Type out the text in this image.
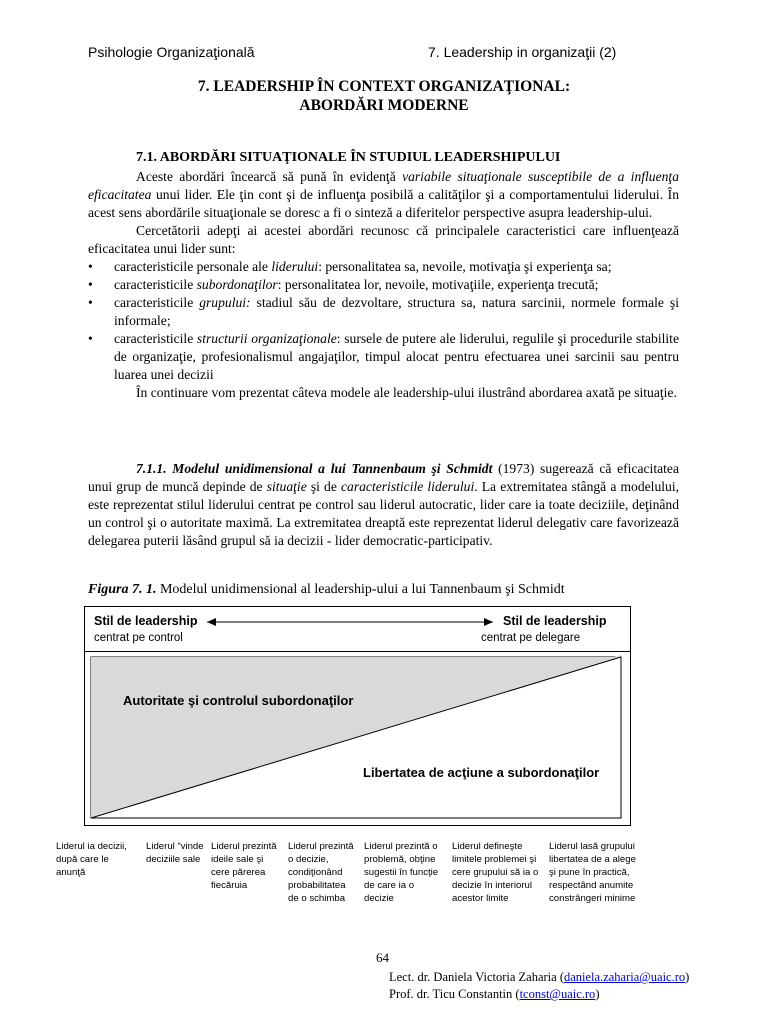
Psihologie Organizaţională	7. Leadership in organizaţii (2)
7. LEADERSHIP ÎN CONTEXT ORGANIZAŢIONAL:
ABORDĂRI MODERNE
7.1. ABORDĂRI SITUAŢIONALE ÎN STUDIUL LEADERSHIPULUI

Aceste abordări încearcă să pună în evidenţă variabile situaţionale susceptibile de a influenţa eficacitatea unui lider. Ele ţin cont şi de influenţa posibilă a calităţilor şi a comportamentului liderului. În acest sens abordările situaţionale se doresc a fi o sinteză a diferitelor perspective asupra leadership-ului.

Cercetătorii adepţi ai acestei abordări recunosc că principalele caracteristici care influenţează eficacitatea unui lider sunt:

• caracteristicile personale ale liderului: personalitatea sa, nevoile, motivaţia şi experienţa sa;

• caracteristicile subordonaţilor: personalitatea lor, nevoile, motivaţiile, experienţa trecută;

• caracteristicile grupului: stadiul său de dezvoltare, structura sa, natura sarcinii, normele formale şi informale;

• caracteristicile structurii organizaţionale: sursele de putere ale liderului, regulile şi procedurile stabilite de organizaţie, profesionalismul angajaţilor, timpul alocat pentru efectuarea unei sarcinii sau pentru luarea unei decizii

În continuare vom prezentat câteva modele ale leadership-ului ilustrând abordarea axată pe situaţie.

7.1.1. Modelul unidimensional a lui Tannenbaum şi Schmidt (1973) sugerează că eficacitatea unui grup de muncă depinde de situaţie şi de caracteristicile liderului. La extremitatea stângă a modelului, este reprezentat stilul liderului centrat pe control sau liderul autocratic, lider care ia toate deciziile, deţinând un control şi o autoritate maximă. La extremitatea dreaptă este reprezentat liderul delegativ care favorizează delegarea puterii lăsând grupul să ia decizii - lider democratic-participativ.

Figura 7. 1. Modelul unidimensional al leadership-ului a lui Tannenbaum şi Schmidt
Stil de leadership
centrat pe control
Stil de leadership
centrat pe delegare
Autoritate şi controlul subordonaţilor
Libertatea de acţiune a subordonaţilor
Liderul ia decizii, după care le anunţă
Liderul “vinde deciziile sale
Liderul prezintă ideile sale şi cere părerea fiecăruia
Liderul prezintă o decizie, condiţionând probabilitatea de o schimba
Liderul prezintă o problemă, obţine sugestii în funcţie de care ia o decizie
Liderul defineşte limitele problemei şi cere grupului să ia o decizie în interiorul acestor limite
Liderul lasă grupului libertatea de a alege şi pune în practică, respectând anumite constrângeri minime
64
Lect. dr. Daniela Victoria Zaharia (daniela.zaharia@uaic.ro)
Prof. dr. Ticu Constantin (tconst@uaic.ro)
